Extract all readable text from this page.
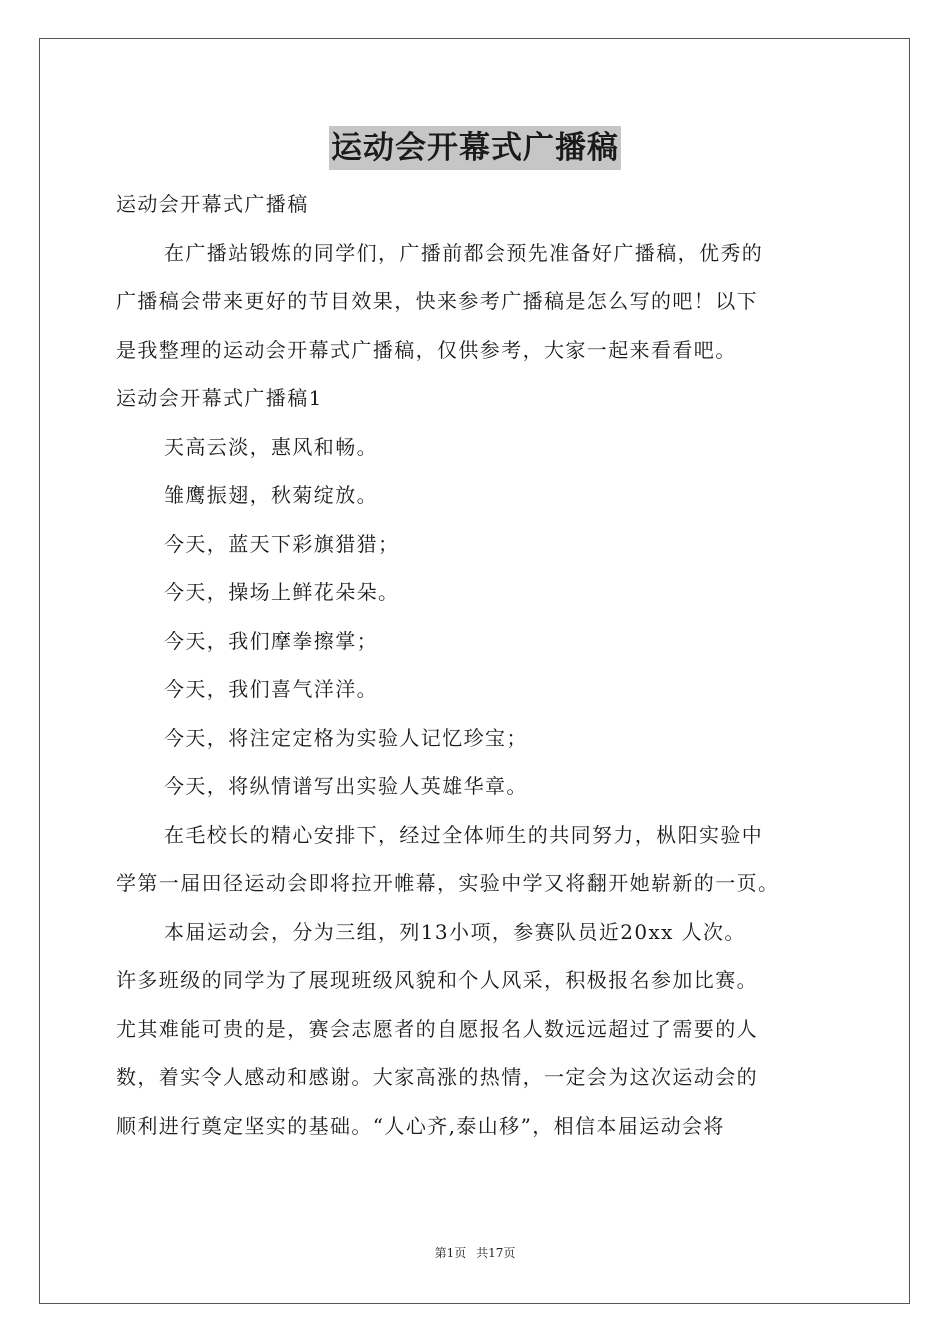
运动会开幕式广播稿
运动会开幕式广播稿
在广播站锻炼的同学们，广播前都会预先准备好广播稿，优秀的
广播稿会带来更好的节目效果，快来参考广播稿是怎么写的吧！以下
是我整理的运动会开幕式广播稿，仅供参考，大家一起来看看吧。
运动会开幕式广播稿1
天高云淡，惠风和畅。
雏鹰振翅，秋菊绽放。
今天，蓝天下彩旗猎猎；
今天，操场上鲜花朵朵。
今天，我们摩拳擦掌；
今天，我们喜气洋洋。
今天，将注定定格为实验人记忆珍宝；
今天，将纵情谱写出实验人英雄华章。
在毛校长的精心安排下，经过全体师生的共同努力，枞阳实验中
学第一届田径运动会即将拉开帷幕，实验中学又将翻开她崭新的一页。
本届运动会，分为三组，列13小项，参赛队员近20xx 人次。
许多班级的同学为了展现班级风貌和个人风采，积极报名参加比赛。
尤其难能可贵的是，赛会志愿者的自愿报名人数远远超过了需要的人
数，着实令人感动和感谢。大家高涨的热情，一定会为这次运动会的
顺利进行奠定坚实的基础。“人心齐,泰山移”，相信本届运动会将
第1页 共17页
